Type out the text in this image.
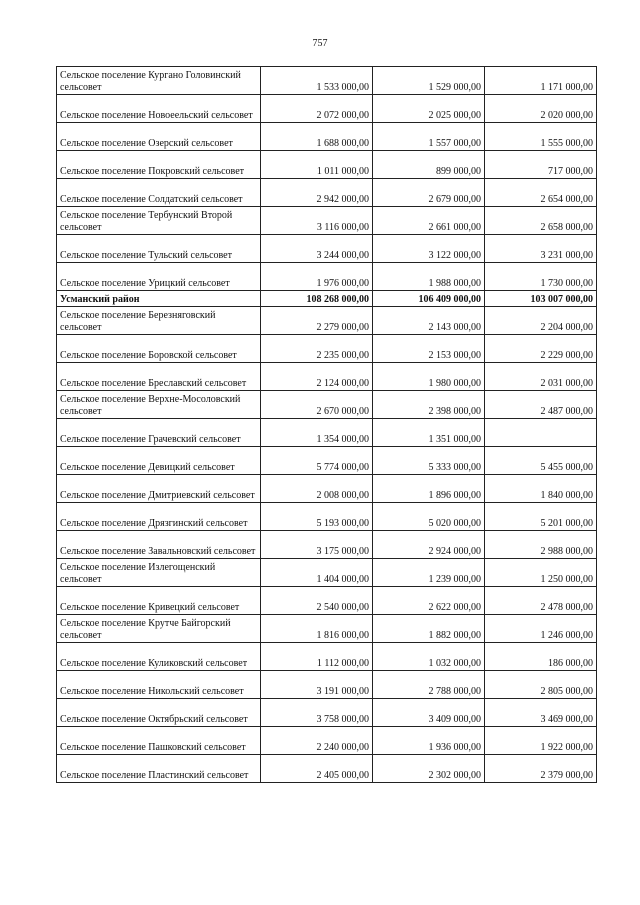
757
Сельское поселение Кургано Головинский сельсовет	1 533 000,00	1 529 000,00	1 171 000,00
Сельское поселение Новоеельский сельсовет	2 072 000,00	2 025 000,00	2 020 000,00
Сельское поселение Озерский сельсовет	1 688 000,00	1 557 000,00	1 555 000,00
Сельское поселение Покровский сельсовет	1 011 000,00	899 000,00	717 000,00
Сельское поселение Солдатский сельсовет	2 942 000,00	2 679 000,00	2 654 000,00
Сельское поселение Тербунский Второй сельсовет	3 116 000,00	2 661 000,00	2 658 000,00
Сельское поселение Тульский сельсовет	3 244 000,00	3 122 000,00	3 231 000,00
Сельское поселение Урицкий сельсовет	1 976 000,00	1 988 000,00	1 730 000,00
Усманский район	108 268 000,00	106 409 000,00	103 007 000,00
Сельское поселение Березняговский сельсовет	2 279 000,00	2 143 000,00	2 204 000,00
Сельское поселение Боровской сельсовет	2 235 000,00	2 153 000,00	2 229 000,00
Сельское поселение Бреславский сельсовет	2 124 000,00	1 980 000,00	2 031 000,00
Сельское поселение Верхне-Мосоловский сельсовет	2 670 000,00	2 398 000,00	2 487 000,00
Сельское поселение Грачевский сельсовет	1 354 000,00	1 351 000,00	
Сельское поселение Девицкий сельсовет	5 774 000,00	5 333 000,00	5 455 000,00
Сельское поселение Дмитриевский сельсовет	2 008 000,00	1 896 000,00	1 840 000,00
Сельское поселение Дрязгинский сельсовет	5 193 000,00	5 020 000,00	5 201 000,00
Сельское поселение Завальновский сельсовет	3 175 000,00	2 924 000,00	2 988 000,00
Сельское поселение Излегощенский сельсовет	1 404 000,00	1 239 000,00	1 250 000,00
Сельское поселение Кривецкий сельсовет	2 540 000,00	2 622 000,00	2 478 000,00
Сельское поселение Крутче Байгорский сельсовет	1 816 000,00	1 882 000,00	1 246 000,00
Сельское поселение Куликовский сельсовет	1 112 000,00	1 032 000,00	186 000,00
Сельское поселение Никольский сельсовет	3 191 000,00	2 788 000,00	2 805 000,00
Сельское поселение Октябрьский сельсовет	3 758 000,00	3 409 000,00	3 469 000,00
Сельское поселение Пашковский сельсовет	2 240 000,00	1 936 000,00	1 922 000,00
Сельское поселение Пластинский сельсовет	2 405 000,00	2 302 000,00	2 379 000,00
